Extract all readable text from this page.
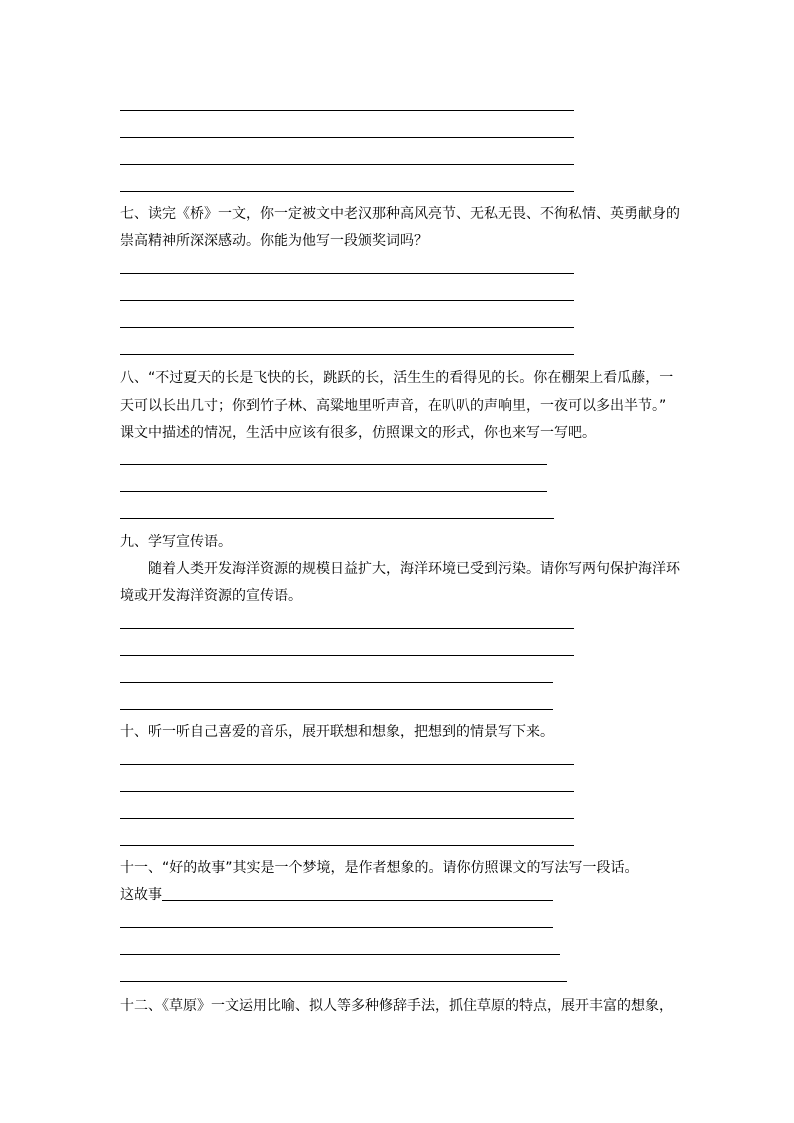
七、读完《桥》一文，你一定被文中老汉那种高风亮节、无私无畏、不徇私情、英勇献身的
崇高精神所深深感动。你能为他写一段颁奖词吗？
八、“不过夏天的长是飞快的长，跳跃的长，活生生的看得见的长。你在棚架上看瓜藤，一
天可以长出几寸；你到竹子林、高粱地里听声音，在叭叭的声响里，一夜可以多出半节。”
课文中描述的情况，生活中应该有很多，仿照课文的形式，你也来写一写吧。
九、学写宣传语。
随着人类开发海洋资源的规模日益扩大，海洋环境已受到污染。请你写两句保护海洋环
境或开发海洋资源的宣传语。
十、听一听自己喜爱的音乐，展开联想和想象，把想到的情景写下来。
十一、“好的故事”其实是一个梦境，是作者想象的。请你仿照课文的写法写一段话。
这故事
十二、《草原》一文运用比喻、拟人等多种修辞手法，抓住草原的特点，展开丰富的想象，
